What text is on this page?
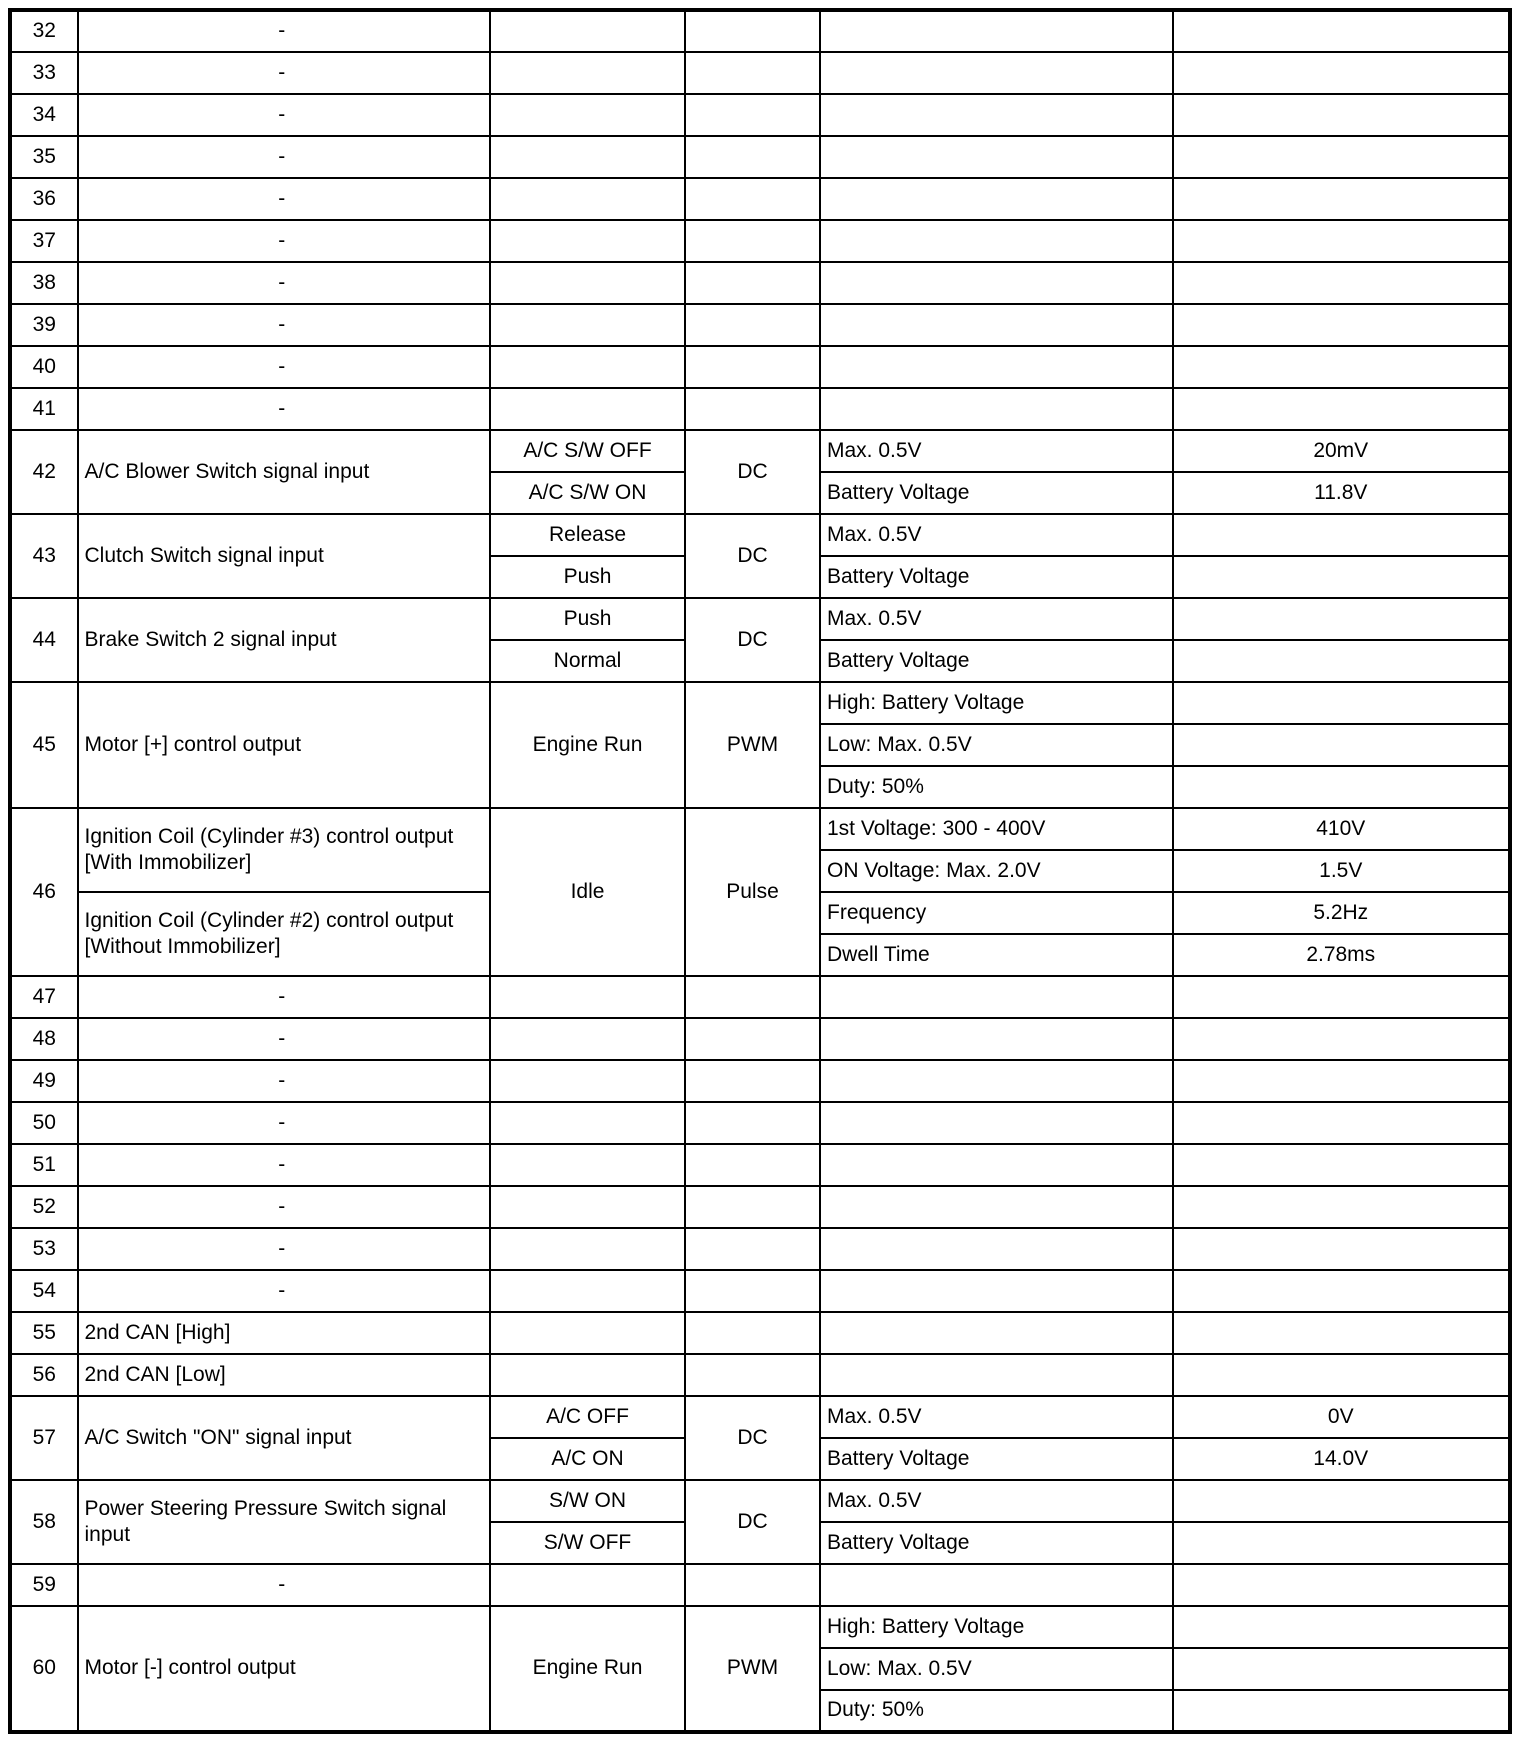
32	-				
33	-				
34	-				
35	-				
36	-				
37	-				
38	-				
39	-				
40	-				
41	-				
42	A/C Blower Switch signal input	A/C S/W OFF	DC	Max. 0.5V	20mV
		A/C S/W ON		Battery Voltage	11.8V
43	Clutch Switch signal input	Release	DC	Max. 0.5V	
		Push		Battery Voltage	
44	Brake Switch 2 signal input	Push	DC	Max. 0.5V	
		Normal		Battery Voltage	
45	Motor [+] control output	Engine Run	PWM	High: Battery Voltage	
				Low: Max. 0.5V	
				Duty: 50%	
46	Ignition Coil (Cylinder #3) control output [With Immobilizer]	Idle	Pulse	1st Voltage: 300 - 400V	410V
				ON Voltage: Max. 2.0V	1.5V
	Ignition Coil (Cylinder #2) control output [Without Immobilizer]			Frequency	5.2Hz
				Dwell Time	2.78ms
47	-				
48	-				
49	-				
50	-				
51	-				
52	-				
53	-				
54	-				
55	2nd CAN [High]				
56	2nd CAN [Low]				
57	A/C Switch "ON" signal input	A/C OFF	DC	Max. 0.5V	0V
		A/C ON		Battery Voltage	14.0V
58	Power Steering Pressure Switch signal input	S/W ON	DC	Max. 0.5V	
		S/W OFF		Battery Voltage	
59	-				
60	Motor [-] control output	Engine Run	PWM	High: Battery Voltage	
				Low: Max. 0.5V	
				Duty: 50%	
